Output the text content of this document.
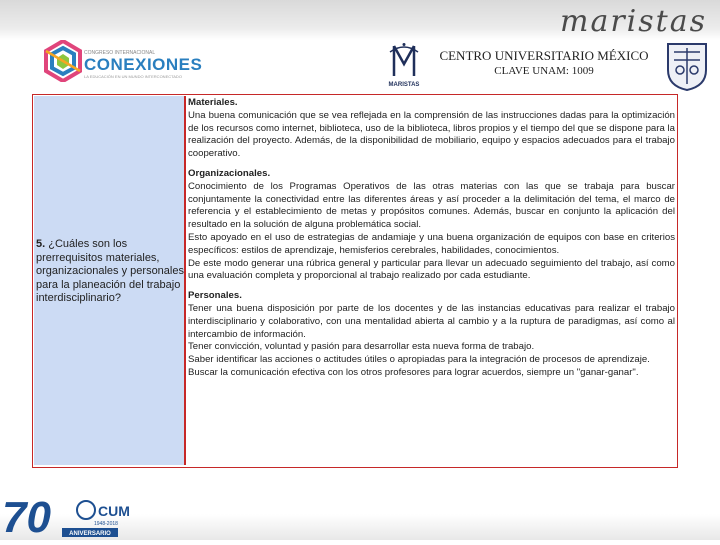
maristas
CONGRESO INTERNACIONAL
CONEXIONES
LA EDUCACIÓN EN UN MUNDO INTERCONECTADO
MARISTAS
CENTRO UNIVERSITARIO MÉXICO
CLAVE UNAM: 1009
5. ¿Cuáles son los prerrequisitos materiales, organizacionales y personales para la planeación del trabajo interdisciplinario?
Materiales.

Una buena comunicación que se vea reflejada en la comprensión de las instrucciones dadas para la optimización de los recursos como internet, biblioteca, uso de la biblioteca, libros propios y el tiempo del que se dispone para la realización del proyecto. Además, de la disponibilidad de mobiliario, equipo y espacios adecuados para el trabajo cooperativo.

Organizacionales.

Conocimiento de los Programas Operativos de las otras materias con las que se trabaja para buscar conjuntamente la conectividad entre las diferentes áreas y así proceder a la delimitación del tema, el marco de referencia y el establecimiento de metas y propósitos comunes. Además, buscar en conjunto la aplicación del resultado en la solución de alguna problemática social.

Esto apoyado en el uso de estrategias de andamiaje y una buena organización de equipos con base en criterios específicos: estilos de aprendizaje, hemisferios cerebrales, habilidades, conocimientos.

De este modo generar una rúbrica general y particular para llevar un adecuado seguimiento del trabajo, así como una evaluación completa y proporcional al trabajo realizado por cada estudiante.

Personales.

Tener una buena disposición por parte de los docentes y de las instancias educativas para realizar el trabajo interdisciplinario y colaborativo, con una mentalidad abierta al cambio y a la ruptura de paradigmas, así como al intercambio de información.

Tener convicción, voluntad y pasión para desarrollar esta nueva forma de trabajo.

Saber identificar las acciones o actitudes útiles o apropiadas para la integración de procesos de aprendizaje.

Buscar la comunicación efectiva con los otros profesores para lograr acuerdos, siempre un "ganar-ganar".

70	CUM
1948-2018
ANIVERSARIO
